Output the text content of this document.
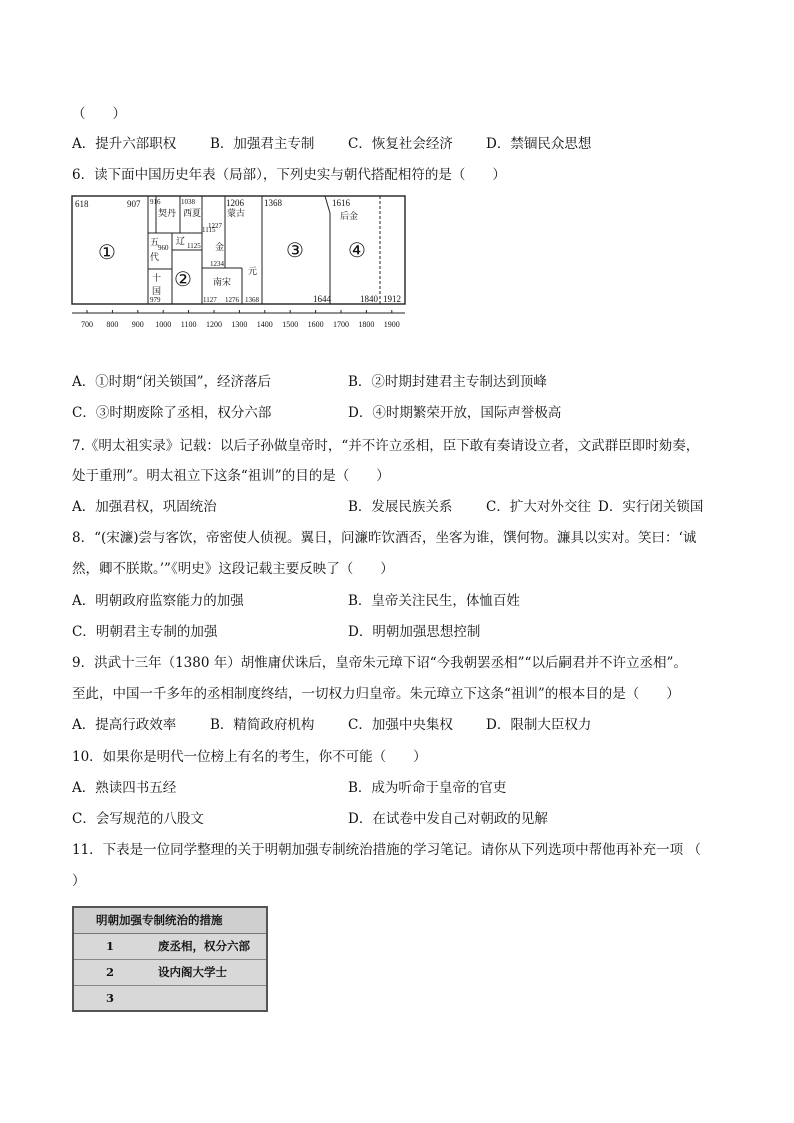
（　　）
A．提升六部职权	B．加强君主专制 C．恢复社会经济 D．禁锢民众思想
6．读下面中国历史年表（局部），下列史实与朝代搭配相符的是（　　）
618	907 916	1038	1206 1368	1616
1227
1115
1125
960
1234
979	1127 1276 1368	1644	1840 1912
契丹 西夏	蒙古
辽
金
五
代
十
国
南宋
元
后金
①
②
③ ④
700 800 900 1000 1100 1200 1300 1400 1500 1600 1700 1800 1900
A．①时期“闭关锁国”，经济落后	B．②时期封建君主专制达到顶峰
C．③时期废除了丞相，权分六部	D．④时期繁荣开放，国际声誉极高
7.《明太祖实录》记载：以后子孙做皇帝时，“并不许立丞相，臣下敢有奏请设立者，文武群臣即时劾奏，
处于重刑”。明太祖立下这条“祖训”的目的是（　　）
A．加强君权，巩固统治	B．发展民族关系 C．扩大对外交往 D．实行闭关锁国
8．“(宋濂)尝与客饮，帝密使人侦视。翼日，问濂昨饮酒否，坐客为谁，馔何物。濂具以实对。笑曰：‘诚
然，卿不朕欺。’”《明史》这段记载主要反映了（　　）
A．明朝政府监察能力的加强	B．皇帝关注民生，体恤百姓
C．明朝君主专制的加强	D．明朝加强思想控制
9．洪武十三年（1380 年）胡惟庸伏诛后，皇帝朱元璋下诏“今我朝罢丞相”“以后嗣君并不许立丞相”。
至此，中国一千多年的丞相制度终结，一切权力归皇帝。朱元璋立下这条“祖训”的根本目的是（　　）
A．提高行政效率	B．精简政府机构 C．加强中央集权 D．限制大臣权力
10．如果你是明代一位榜上有名的考生，你不可能（　　）
A．熟读四书五经	B．成为听命于皇帝的官吏
C．会写规范的八股文	D．在试卷中发自己对朝政的见解
11．下表是一位同学整理的关于明朝加强专制统治措施的学习笔记。请你从下列选项中帮他再补充一项 （
）
明朝加强专制统治的措施
1	废丞相，权分六部
2	设内阁大学士
3
